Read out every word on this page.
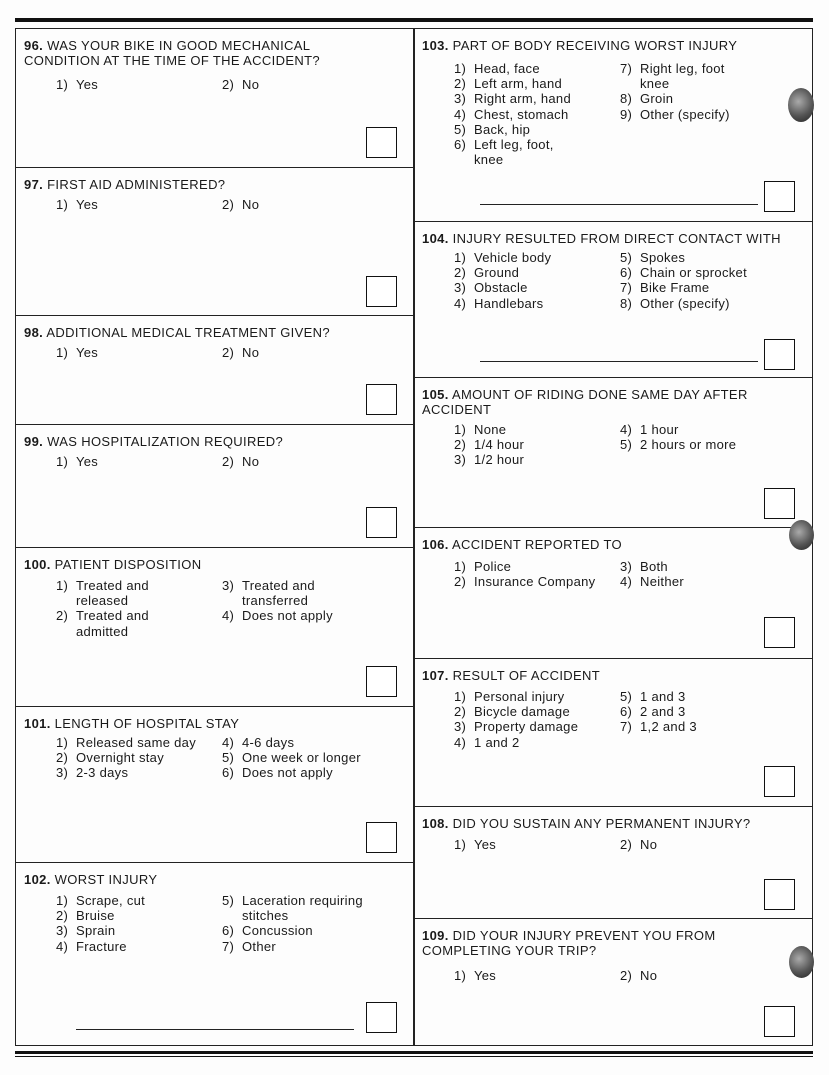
96. WAS YOUR BIKE IN GOOD MECHANICAL CONDITION AT THE TIME OF THE ACCIDENT?
1) Yes	2) No
97. FIRST AID ADMINISTERED?
1) Yes	2) No
98. ADDITIONAL MEDICAL TREATMENT GIVEN?
1) Yes	2) No
99. WAS HOSPITALIZATION REQUIRED?
1) Yes	2) No
100. PATIENT DISPOSITION
1) Treated and released
2) Treated and admitted
3) Treated and transferred
4) Does not apply
101. LENGTH OF HOSPITAL STAY
1) Released same day
2) Overnight stay
3) 2-3 days
4) 4-6 days
5) One week or longer
6) Does not apply
102. WORST INJURY
1) Scrape, cut
2) Bruise
3) Sprain
4) Fracture
5) Laceration requiring stitches
6) Concussion
7) Other
103. PART OF BODY RECEIVING WORST INJURY
1) Head, face
2) Left arm, hand
3) Right arm, hand
4) Chest, stomach
5) Back, hip
6) Left leg, foot, knee
7) Right leg, foot knee
8) Groin
9) Other (specify)
104. INJURY RESULTED FROM DIRECT CONTACT WITH
1) Vehicle body
2) Ground
3) Obstacle
4) Handlebars
5) Spokes
6) Chain or sprocket
7) Bike Frame
8) Other (specify)
105. AMOUNT OF RIDING DONE SAME DAY AFTER ACCIDENT
1) None
2) 1/4 hour
3) 1/2 hour
4) 1 hour
5) 2 hours or more
106. ACCIDENT REPORTED TO
1) Police
2) Insurance Company
3) Both
4) Neither
107. RESULT OF ACCIDENT
1) Personal injury
2) Bicycle damage
3) Property damage
4) 1 and 2
5) 1 and 3
6) 2 and 3
7) 1,2 and 3
108. DID YOU SUSTAIN ANY PERMANENT INJURY?
1) Yes	2) No
109. DID YOUR INJURY PREVENT YOU FROM COMPLETING YOUR TRIP?
1) Yes	2) No
